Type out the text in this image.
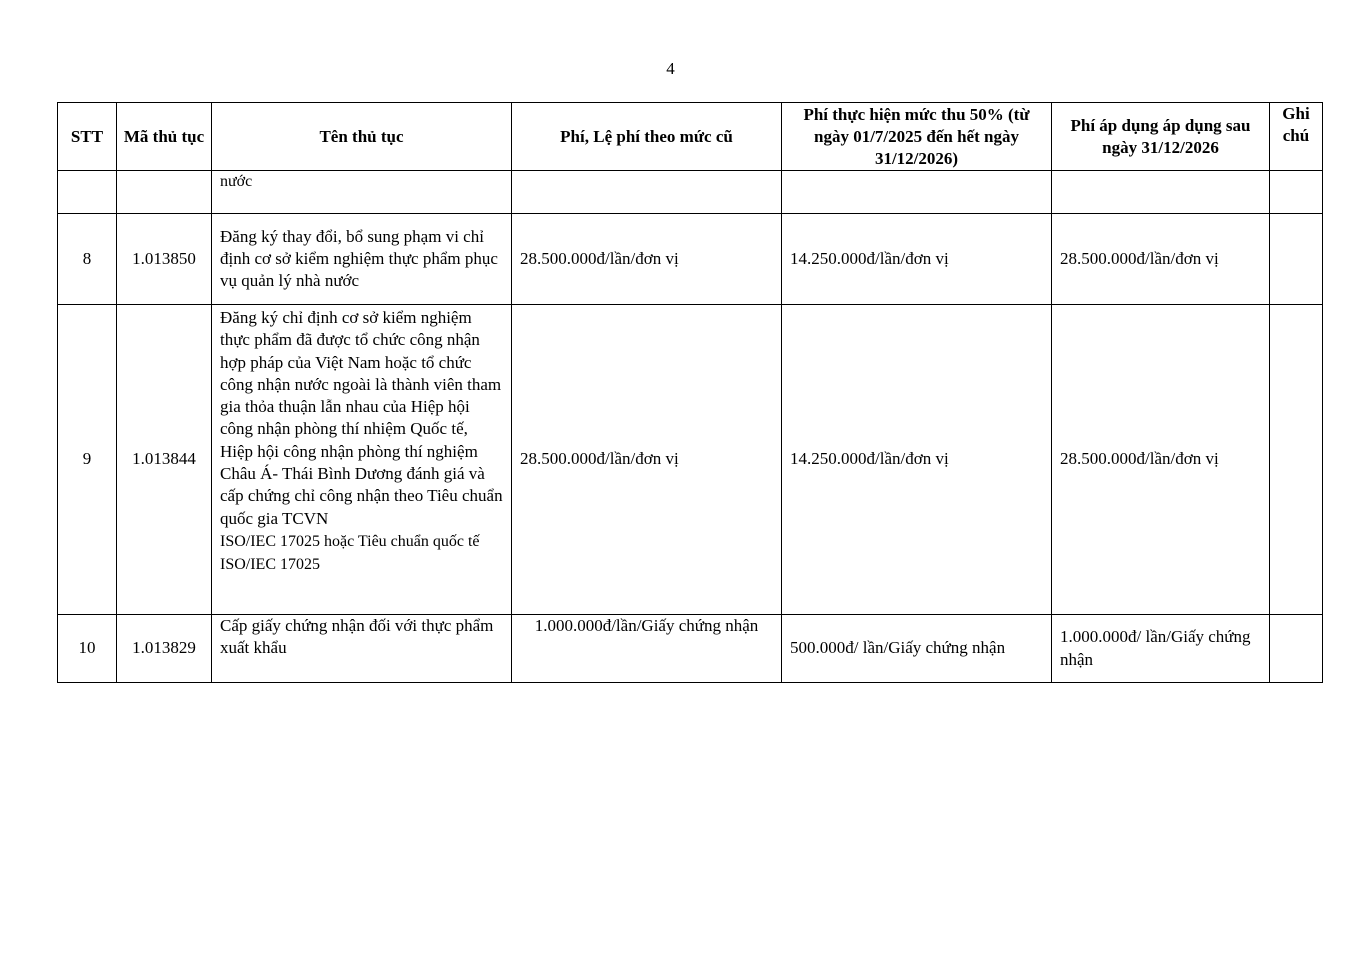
4
STT	Mã thủ tục	Tên thủ tục	Phí, Lệ phí theo mức cũ	Phí thực hiện mức thu 50% (từ ngày 01/7/2025 đến hết ngày 31/12/2026)	Phí áp dụng áp dụng sau ngày 31/12/2026	Ghi chú
		nước				
8	1.013850	Đăng ký thay đổi, bổ sung phạm vi chỉ định cơ sở kiểm nghiệm thực phẩm phục vụ quản lý nhà nước	28.500.000đ/lần/đơn vị	14.250.000đ/lần/đơn vị	28.500.000đ/lần/đơn vị	
9	1.013844	Đăng ký chỉ định cơ sở kiểm nghiệm thực phẩm đã được tổ chức công nhận hợp pháp của Việt Nam hoặc tổ chức công nhận nước ngoài là thành viên tham gia thỏa thuận lẫn nhau của Hiệp hội công nhận phòng thí nhiệm Quốc tế, Hiệp hội công nhận phòng thí nghiệm Châu Á- Thái Bình Dương đánh giá và cấp chứng chỉ công nhận theo Tiêu chuẩn quốc gia TCVN
ISO/IEC 17025 hoặc Tiêu chuẩn quốc tế ISO/IEC 17025	28.500.000đ/lần/đơn vị	14.250.000đ/lần/đơn vị	28.500.000đ/lần/đơn vị	
10	1.013829	Cấp giấy chứng nhận đối với thực phẩm xuất khẩu	1.000.000đ/lần/Giấy chứng nhận	500.000đ/ lần/Giấy chứng nhận	1.000.000đ/ lần/Giấy chứng nhận	
